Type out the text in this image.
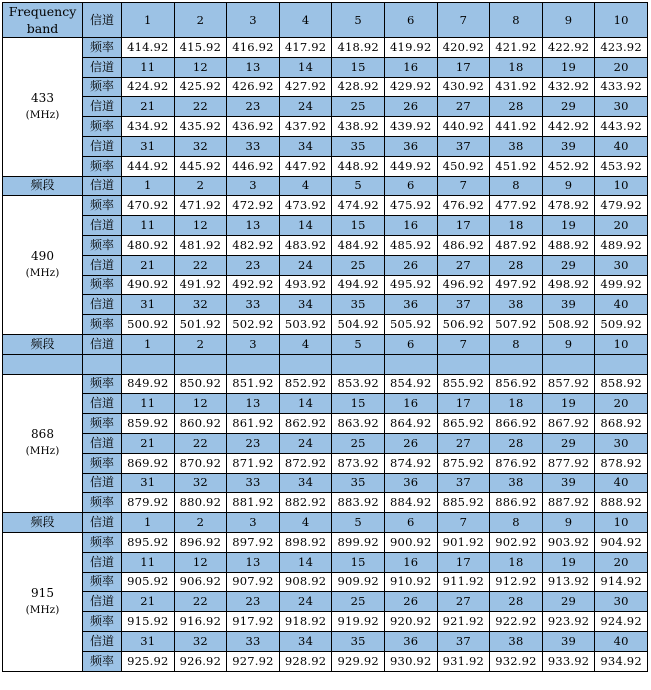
Frequency
band	信道	1	2	3	4	5	6	7	8	9	10

433
(MHz)	频率	414.92	415.92	416.92	417.92	418.92	419.92	420.92	421.92	422.92	423.92
	信道	11	12	13	14	15	16	17	18	19	20
	频率	424.92	425.92	426.92	427.92	428.92	429.92	430.92	431.92	432.92	433.92
	信道	21	22	23	24	25	26	27	28	29	30
	频率	434.92	435.92	436.92	437.92	438.92	439.92	440.92	441.92	442.92	443.92
	信道	31	32	33	34	35	36	37	38	39	40
	频率	444.92	445.92	446.92	447.92	448.92	449.92	450.92	451.92	452.92	453.92
频段	信道	1	2	3	4	5	6	7	8	9	10

490
(MHz)	频率	470.92	471.92	472.92	473.92	474.92	475.92	476.92	477.92	478.92	479.92
	信道	11	12	13	14	15	16	17	18	19	20
	频率	480.92	481.92	482.92	483.92	484.92	485.92	486.92	487.92	488.92	489.92
	信道	21	22	23	24	25	26	27	28	29	30
	频率	490.92	491.92	492.92	493.92	494.92	495.92	496.92	497.92	498.92	499.92
	信道	31	32	33	34	35	36	37	38	39	40
	频率	500.92	501.92	502.92	503.92	504.92	505.92	506.92	507.92	508.92	509.92
频段	信道	1	2	3	4	5	6	7	8	9	10

868
(MHz)	频率	849.92	850.92	851.92	852.92	853.92	854.92	855.92	856.92	857.92	858.92
	信道	11	12	13	14	15	16	17	18	19	20
	频率	859.92	860.92	861.92	862.92	863.92	864.92	865.92	866.92	867.92	868.92
	信道	21	22	23	24	25	26	27	28	29	30
	频率	869.92	870.92	871.92	872.92	873.92	874.92	875.92	876.92	877.92	878.92
	信道	31	32	33	34	35	36	37	38	39	40
	频率	879.92	880.92	881.92	882.92	883.92	884.92	885.92	886.92	887.92	888.92
频段	信道	1	2	3	4	5	6	7	8	9	10

915
(MHz)	频率	895.92	896.92	897.92	898.92	899.92	900.92	901.92	902.92	903.92	904.92
	信道	11	12	13	14	15	16	17	18	19	20
	频率	905.92	906.92	907.92	908.92	909.92	910.92	911.92	912.92	913.92	914.92
	信道	21	22	23	24	25	26	27	28	29	30
	频率	915.92	916.92	917.92	918.92	919.92	920.92	921.92	922.92	923.92	924.92
	信道	31	32	33	34	35	36	37	38	39	40
	频率	925.92	926.92	927.92	928.92	929.92	930.92	931.92	932.92	933.92	934.92
